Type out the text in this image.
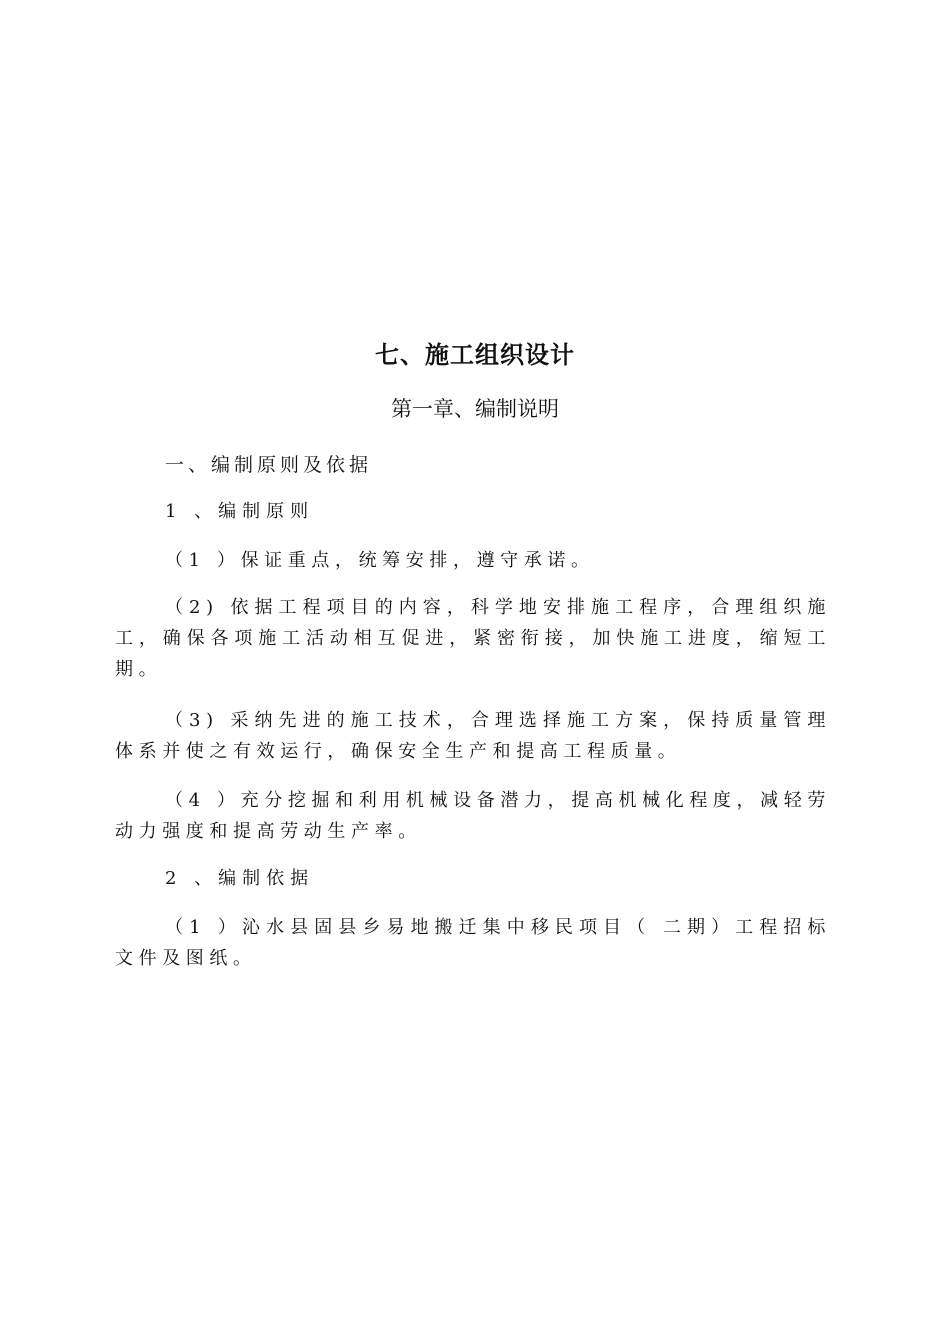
七、施工组织设计
第一章、编制说明
一、编制原则及依据
1 、编制原则
（1 ）保证重点，统筹安排，遵守承诺。
（2) 依据工程项目的内容，科学地安排施工程序，合理组织施工，确保各项施工活动相互促进，紧密衔接，加快施工进度，缩短工期。
（3) 采纳先进的施工技术，合理选择施工方案，保持质量管理体系并使之有效运行，确保安全生产和提高工程质量。
（4 ）充分挖掘和利用机械设备潜力，提高机械化程度，减轻劳动力强度和提高劳动生产率。
2 、编制依据
（1 ）沁水县固县乡易地搬迁集中移民项目（ 二期）工程招标文件及图纸。
